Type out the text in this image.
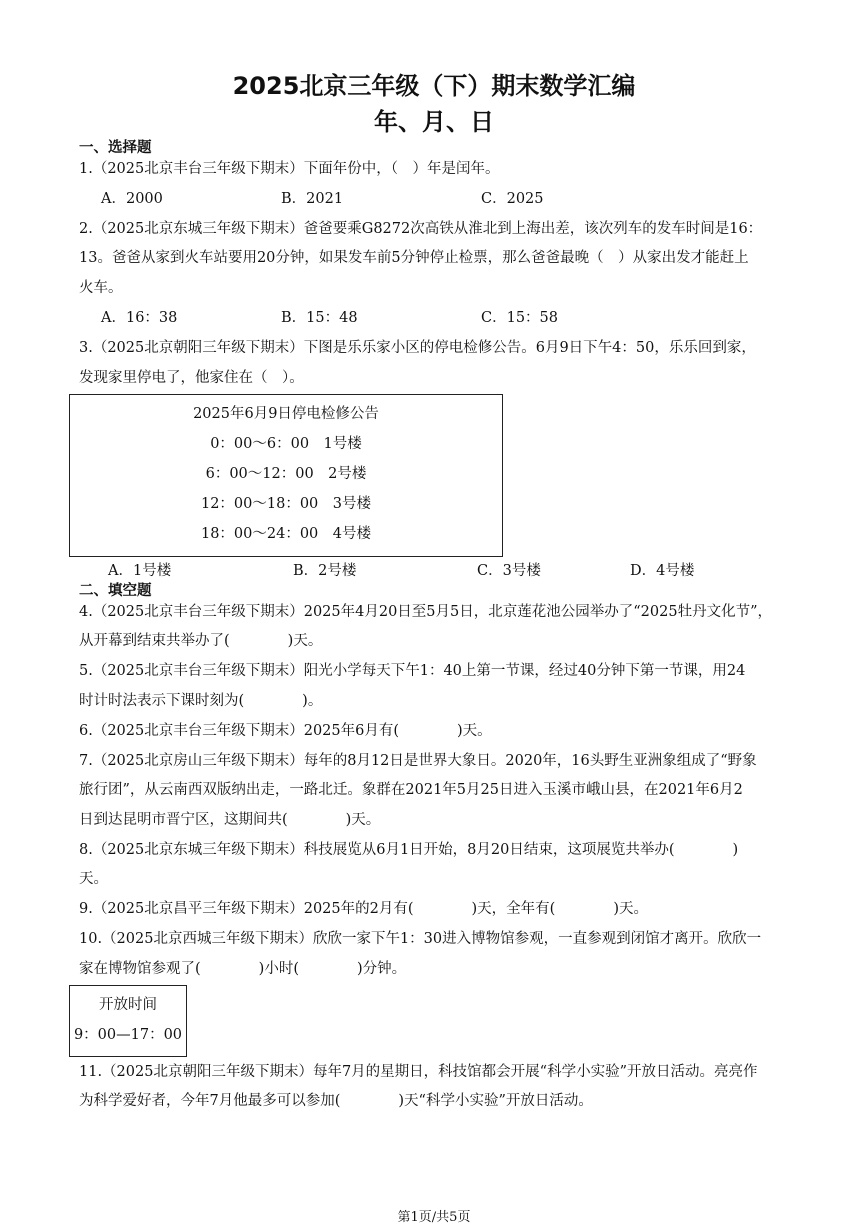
2025北京三年级（下）期末数学汇编
年、月、日
一、选择题
1.（2025北京丰台三年级下期末）下面年份中，（　）年是闰年。
A．2000	B．2021	C．2025
2.（2025北京东城三年级下期末）爸爸要乘G8272次高铁从淮北到上海出差，该次列车的发车时间是16：
13。爸爸从家到火车站要用20分钟，如果发车前5分钟停止检票，那么爸爸最晚（　）从家出发才能赶上
火车。
A．16：38	B．15：48	C．15：58
3.（2025北京朝阳三年级下期末）下图是乐乐家小区的停电检修公告。6月9日下午4：50，乐乐回到家，
发现家里停电了，他家住在（　）。
2025年6月9日停电检修公告
0：00～6：00　1号楼
6：00～12：00　2号楼
12：00～18：00　3号楼
18：00～24：00　4号楼
A．1号楼	B．2号楼	C．3号楼	D．4号楼
二、填空题
4.（2025北京丰台三年级下期末）2025年4月20日至5月5日，北京莲花池公园举办了“2025牡丹文化节”，
从开幕到结束共举办了(　　　　)天。
5.（2025北京丰台三年级下期末）阳光小学每天下午1：40上第一节课，经过40分钟下第一节课，用24
时计时法表示下课时刻为(　　　　)。
6.（2025北京丰台三年级下期末）2025年6月有(　　　　)天。
7.（2025北京房山三年级下期末）每年的8月12日是世界大象日。2020年，16头野生亚洲象组成了“野象
旅行团”，从云南西双版纳出走，一路北迁。象群在2021年5月25日进入玉溪市峨山县，在2021年6月2
日到达昆明市晋宁区，这期间共(　　　　)天。
8.（2025北京东城三年级下期末）科技展览从6月1日开始，8月20日结束，这项展览共举办(　　　　)
天。
9.（2025北京昌平三年级下期末）2025年的2月有(　　　　)天，全年有(　　　　)天。
10.（2025北京西城三年级下期末）欣欣一家下午1：30进入博物馆参观，一直参观到闭馆才离开。欣欣一
家在博物馆参观了(　　　　)小时(　　　　)分钟。
开放时间
9：00—17：00
11.（2025北京朝阳三年级下期末）每年7月的星期日，科技馆都会开展“科学小实验”开放日活动。亮亮作
为科学爱好者，今年7月他最多可以参加(　　　　)天“科学小实验”开放日活动。
第1页/共5页
